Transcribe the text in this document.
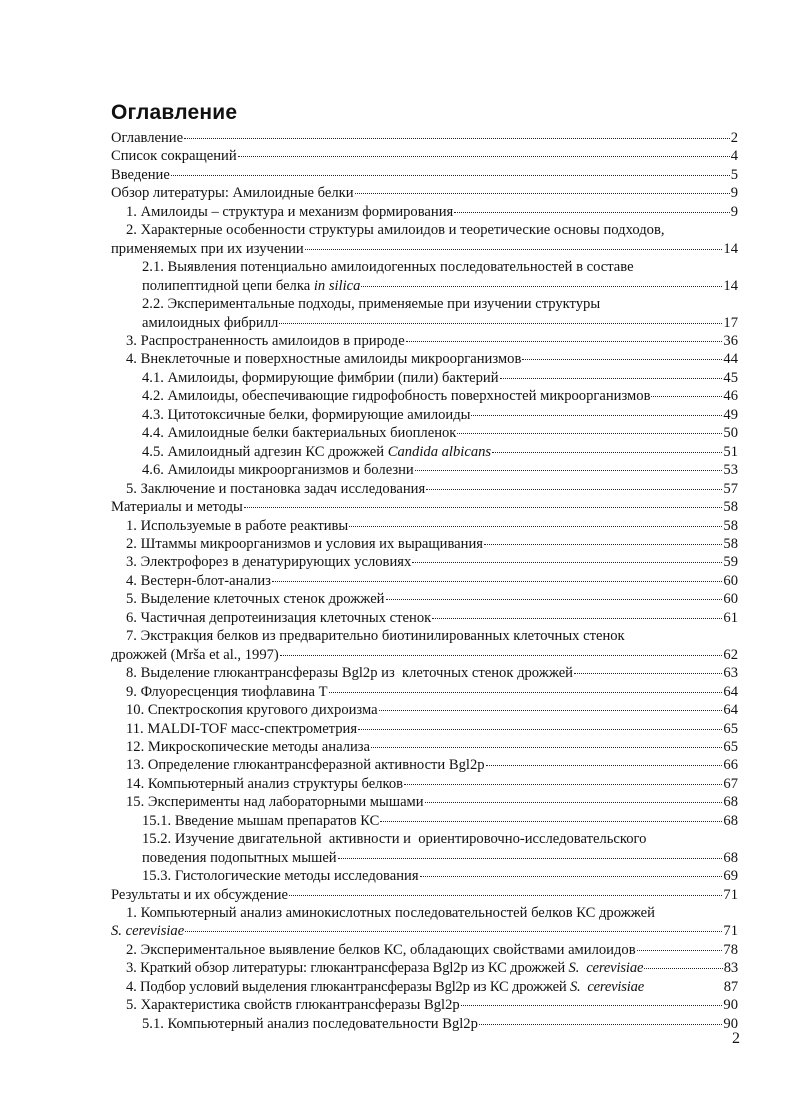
Оглавление
Оглавление	2
Список сокращений	4
Введение	5
Обзор литературы: Амилоидные белки	9
1. Амилоиды – структура и механизм формирования	9
2. Характерные особенности структуры амилоидов и теоретические основы подходов,
применяемых при их изучении	14
2.1. Выявления потенциально амилоидогенных последовательностей в составе
полипептидной цепи белка in silica	14
2.2. Экспериментальные подходы, применяемые при изучении структуры
амилоидных фибрилл	17
3. Распространенность амилоидов в природе	36
4. Внеклеточные и поверхностные амилоиды микроорганизмов	44
4.1. Амилоиды, формирующие фимбрии (пили) бактерий	45
4.2. Амилоиды, обеспечивающие гидрофобность поверхностей микроорганизмов	46
4.3. Цитотоксичные белки, формирующие амилоиды	49
4.4. Амилоидные белки бактериальных биопленок	50
4.5. Амилоидный адгезин КС дрожжей Candida albicans	51
4.6. Амилоиды микроорганизмов и болезни	53
5. Заключение и постановка задач исследования	57
Материалы и методы	58
1. Используемые в работе реактивы	58
2. Штаммы микроорганизмов и условия их выращивания	58
3. Электрофорез в денатурирующих условиях	59
4. Вестерн-блот-анализ	60
5. Выделение клеточных стенок дрожжей	60
6. Частичная депротеинизация клеточных стенок	61
7. Экстракция белков из предварительно биотинилированных клеточных стенок
дрожжей (Mrša et al., 1997)	62
8. Выделение глюкантрансферазы Bgl2p из  клеточных стенок дрожжей	63
9. Флуоресценция тиофлавина Т	64
10. Спектроскопия кругового дихроизма	64
11. MALDI-TOF масс-спектрометрия	65
12. Микроскопические методы анализа	65
13. Определение глюкантрансферазной активности Bgl2p	66
14. Компьютерный анализ структуры белков	67
15. Эксперименты над лабораторными мышами	68
15.1. Введение мышам препаратов КС	68
15.2. Изучение двигательной  активности и  ориентировочно-исследовательского
поведения подопытных мышей	68
15.3. Гистологические методы исследования	69
Результаты и их обсуждение	71
1. Компьютерный анализ аминокислотных последовательностей белков КС дрожжей
S. cerevisiae	71
2. Экспериментальное выявление белков КС, обладающих свойствами амилоидов	78
3. Краткий обзор литературы: глюкантрансфераза Bgl2p из КС дрожжей S.  cerevisiae	83
4. Подбор условий выделения глюкантрансферазы Bgl2p из КС дрожжей S.  cerevisiae	87
5. Характеристика свойств глюкантрансферазы Bgl2p	90
5.1. Компьютерный анализ последовательности Bgl2p	90
2
